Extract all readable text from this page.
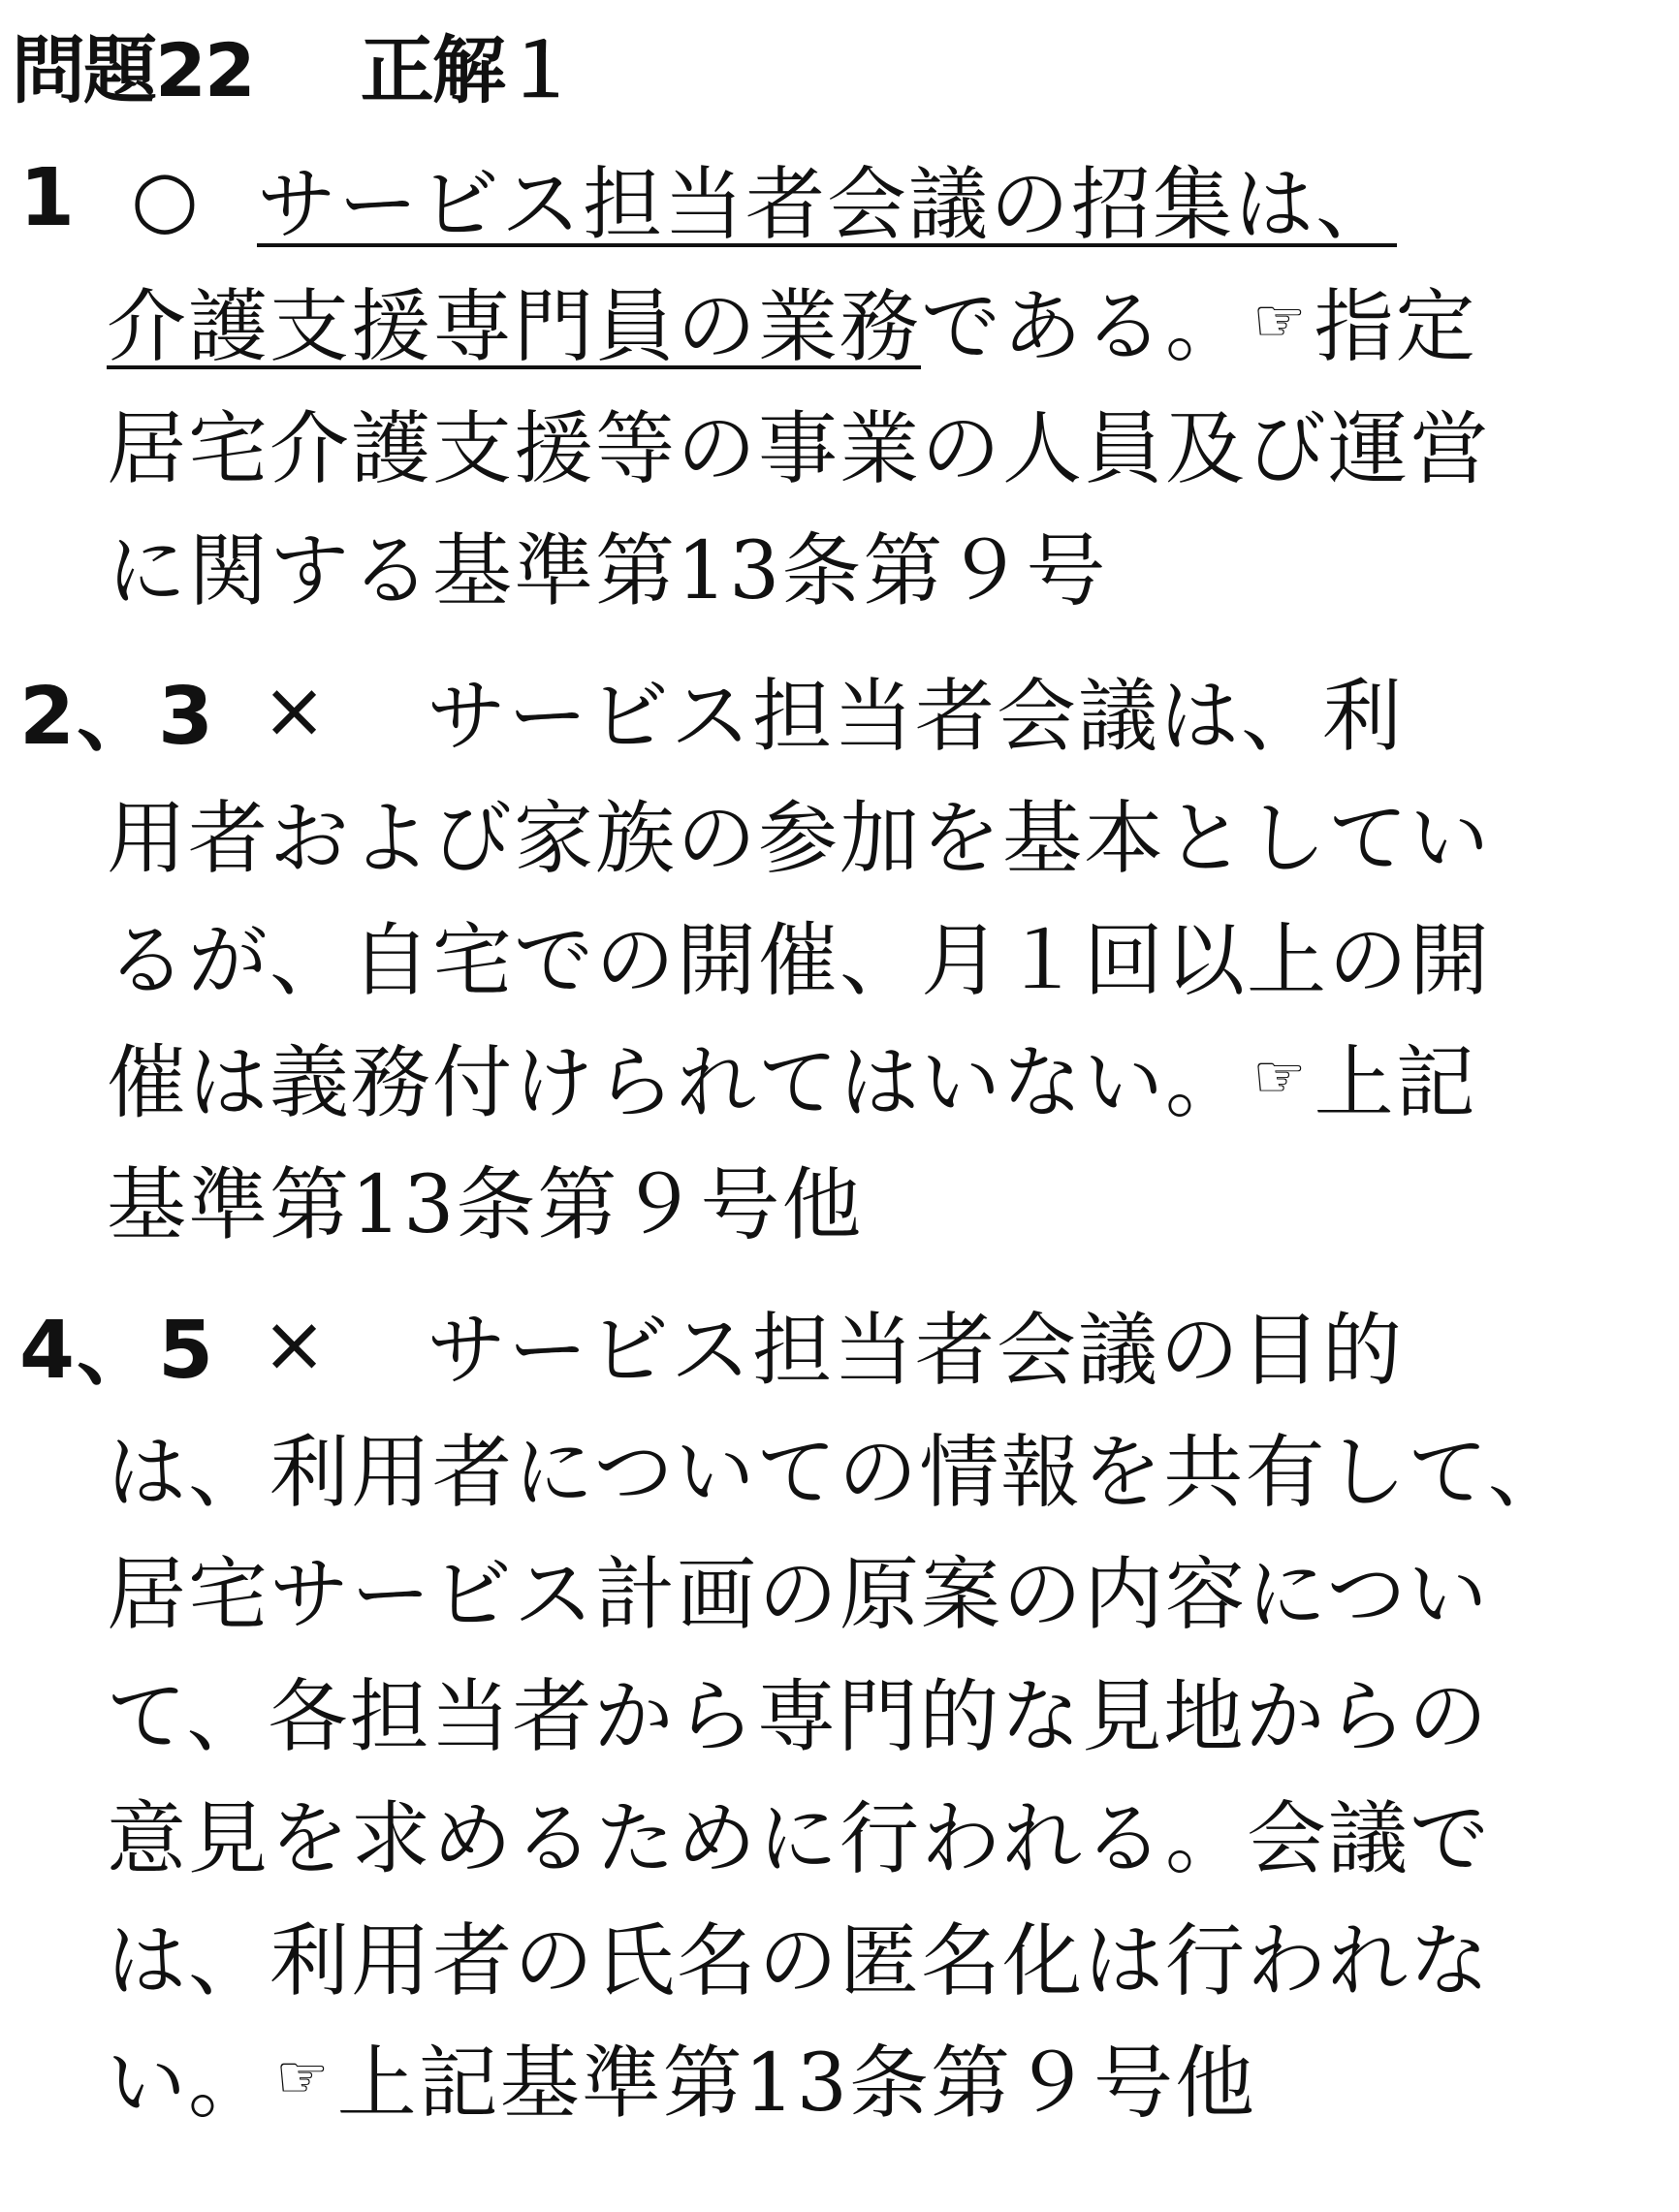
問題22 正解１
1 ○ サービス担当者会議の招集は、
介護支援専門員の業務 である。 ☞ 指定
居宅介護支援等の事業の人員及び運営
に関する基準第13条第９号
2、3 ×	サービス担当者会議は、利
用者および家族の参加を基本としてい
るが、自宅での開催、月１回以上の開
催は義務付けられてはいない。 ☞ 上記
基準第13条第９号他
4、5 ×	サービス担当者会議の目的
は、利用者についての情報を共有して、
居宅サービス計画の原案の内容につい
て、各担当者から専門的な見地からの
意見を求めるために行われる。会議で
は、利用者の氏名の匿名化は行われな
い。 ☞ 上記基準第13条第９号他
